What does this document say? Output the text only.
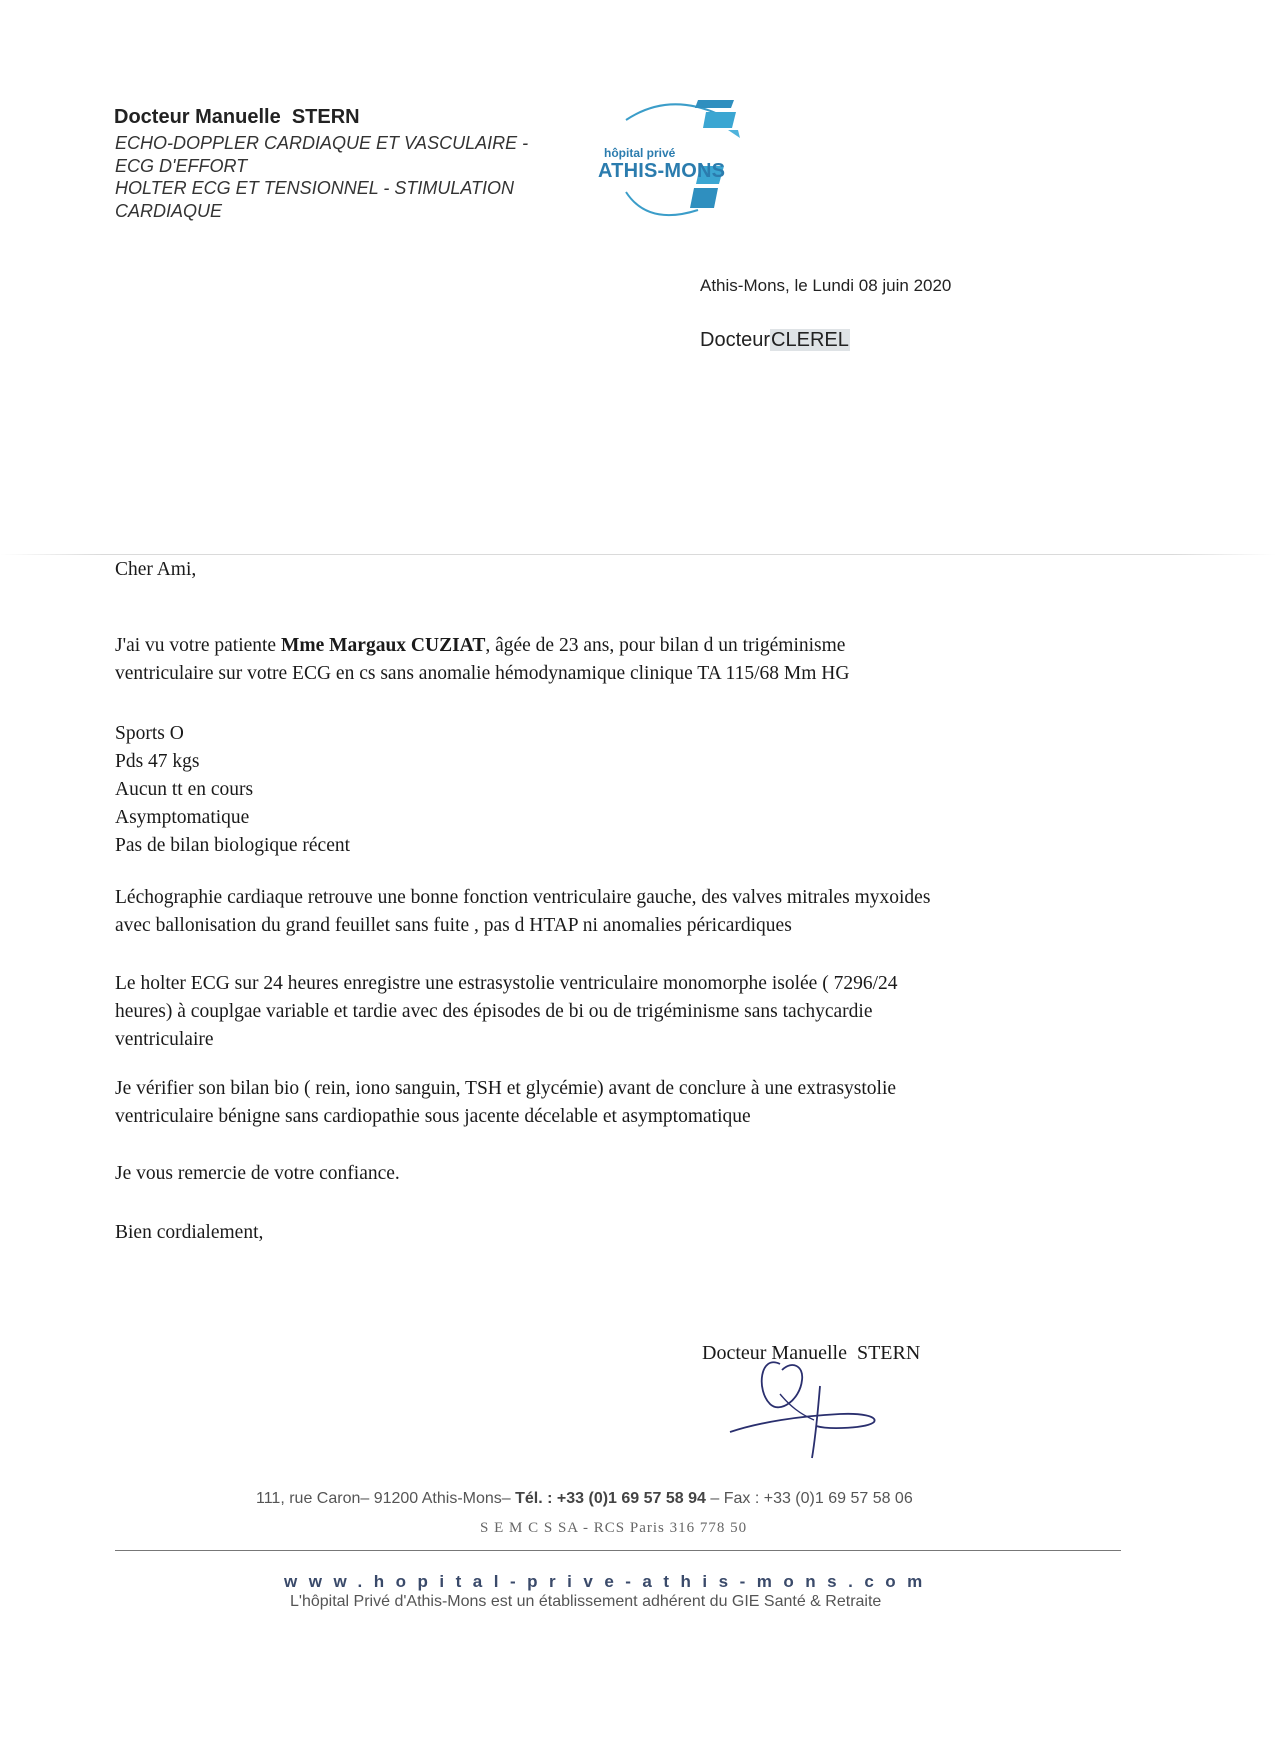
Docteur Manuelle  STERN
ECHO-DOPPLER CARDIAQUE ET VASCULAIRE -
ECG D'EFFORT
HOLTER ECG ET TENSIONNEL - STIMULATION
CARDIAQUE
hôpital privé
ATHIS-MONS
Athis-Mons, le Lundi 08 juin 2020
DocteurCLEREL
Cher Ami,
J'ai vu votre patiente Mme Margaux CUZIAT, âgée de 23 ans, pour bilan d un trigéminisme
ventriculaire sur votre ECG en cs sans anomalie hémodynamique clinique TA 115/68 Mm HG
Sports O
Pds 47 kgs
Aucun tt en cours
Asymptomatique
Pas de bilan biologique récent
Léchographie cardiaque retrouve une bonne fonction ventriculaire gauche, des valves mitrales myxoides
avec ballonisation du grand feuillet sans fuite , pas d HTAP ni anomalies péricardiques
Le holter ECG sur 24 heures enregistre une estrasystolie ventriculaire monomorphe isolée ( 7296/24
heures) à couplgae variable et tardie avec des épisodes de bi ou de trigéminisme sans tachycardie
ventriculaire
Je vérifier son bilan bio ( rein, iono sanguin, TSH et glycémie) avant de conclure à une extrasystolie
ventriculaire bénigne sans cardiopathie sous jacente décelable et asymptomatique
Je vous remercie de votre confiance.
Bien cordialement,
Docteur Manuelle  STERN
111, rue Caron– 91200 Athis-Mons– Tél. : +33 (0)1 69 57 58 94 – Fax : +33 (0)1 69 57 58 06
S E M C S SA - RCS Paris 316 778 50
www.hopital-prive-athis-mons.com
L'hôpital Privé d'Athis-Mons est un établissement adhérent du GIE Santé & Retraite
